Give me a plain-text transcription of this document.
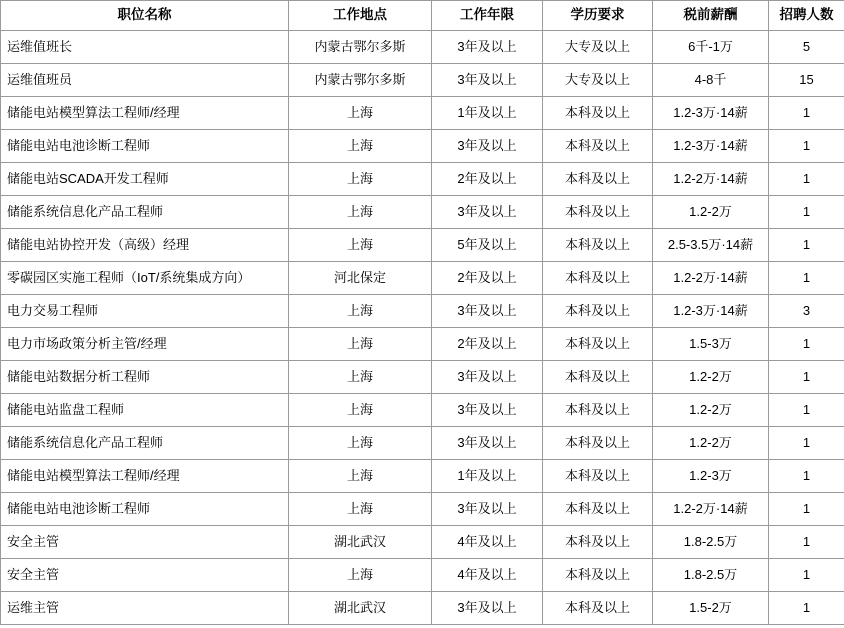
职位名称	工作地点	工作年限	学历要求	税前薪酬	招聘人数
运维值班长	内蒙古鄂尔多斯	3年及以上	大专及以上	6千-1万	5
运维值班员	内蒙古鄂尔多斯	3年及以上	大专及以上	4-8千	15
储能电站模型算法工程师/经理	上海	1年及以上	本科及以上	1.2-3万·14薪	1
储能电站电池诊断工程师	上海	3年及以上	本科及以上	1.2-3万·14薪	1
储能电站SCADA开发工程师	上海	2年及以上	本科及以上	1.2-2万·14薪	1
储能系统信息化产品工程师	上海	3年及以上	本科及以上	1.2-2万	1
储能电站协控开发（高级）经理	上海	5年及以上	本科及以上	2.5-3.5万·14薪	1
零碳园区实施工程师（IoT/系统集成方向）	河北保定	2年及以上	本科及以上	1.2-2万·14薪	1
电力交易工程师	上海	3年及以上	本科及以上	1.2-3万·14薪	3
电力市场政策分析主管/经理	上海	2年及以上	本科及以上	1.5-3万	1
储能电站数据分析工程师	上海	3年及以上	本科及以上	1.2-2万	1
储能电站监盘工程师	上海	3年及以上	本科及以上	1.2-2万	1
储能系统信息化产品工程师	上海	3年及以上	本科及以上	1.2-2万	1
储能电站模型算法工程师/经理	上海	1年及以上	本科及以上	1.2-3万	1
储能电站电池诊断工程师	上海	3年及以上	本科及以上	1.2-2万·14薪	1
安全主管	湖北武汉	4年及以上	本科及以上	1.8-2.5万	1
安全主管	上海	4年及以上	本科及以上	1.8-2.5万	1
运维主管	湖北武汉	3年及以上	本科及以上	1.5-2万	1
